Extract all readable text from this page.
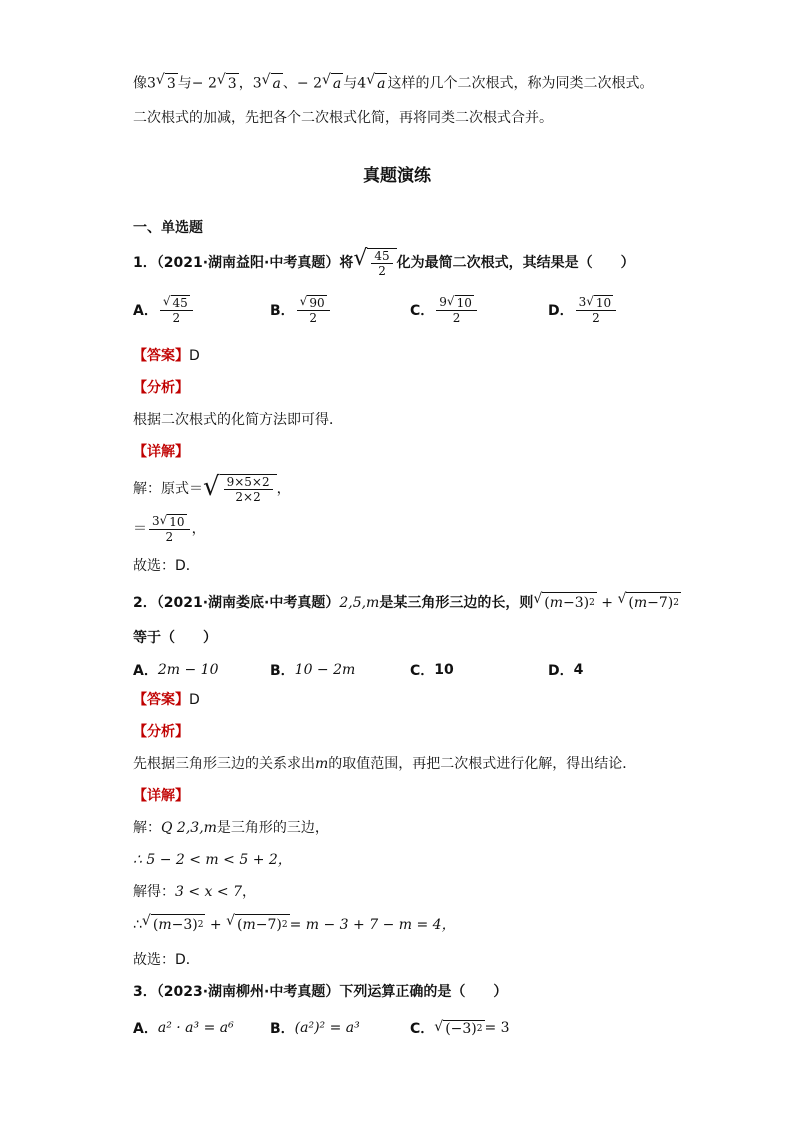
像3 √ 3 与− 2 √ 3 ，3 √ a 、− 2 √ a 与4 √ a 这样的几个二次根式，称为同类二次根式。
二次根式的加减，先把各个二次根式化简，再将同类二次根式合并。
真题演练
一、单选题
1．（2021·湖南益阳·中考真题）将 √ $\frac{45}{2}$ 化为最简二次根式，其结果是（　　）
A． $\frac{√ 45}{2}$	B． $\frac{√ 90}{2}$	C． $\frac{9 √ 10}{2}$	D． $\frac{3 √ 10}{2}$
【答案】D
【分析】
根据二次根式的化简方法即可得．
【详解】
解：原式＝ √ $\frac{9\times 5\times 2}{2\times 2}$ ，
＝ $\frac{3 √ 10}{2}$ ，
故选：D．
2．（2021·湖南娄底·中考真题） 2,5,m 是某三角形三边的长，则 √ ( m −3) 2 + √ ( m −7) 2
等于（　　）
A． 2m − 10	B． 10 − 2m	C． 10	D． 4
【答案】D
【分析】
先根据三角形三边的关系求出m的取值范围，再把二次根式进行化解，得出结论．
【详解】
解：Q 2,3,m是三角形的三边，
∴ 5 − 2 < m < 5 + 2，
解得：3 < x < 7，
∴ √ ( m −3) 2 + √ ( m −7) 2 = m − 3 + 7 − m = 4，
故选：D．
3．（2023·湖南柳州·中考真题）下列运算正确的是（　　）
A． a² · a³ = a⁶	B． (a²)² = a³	C． √ (−3) 2 = 3
